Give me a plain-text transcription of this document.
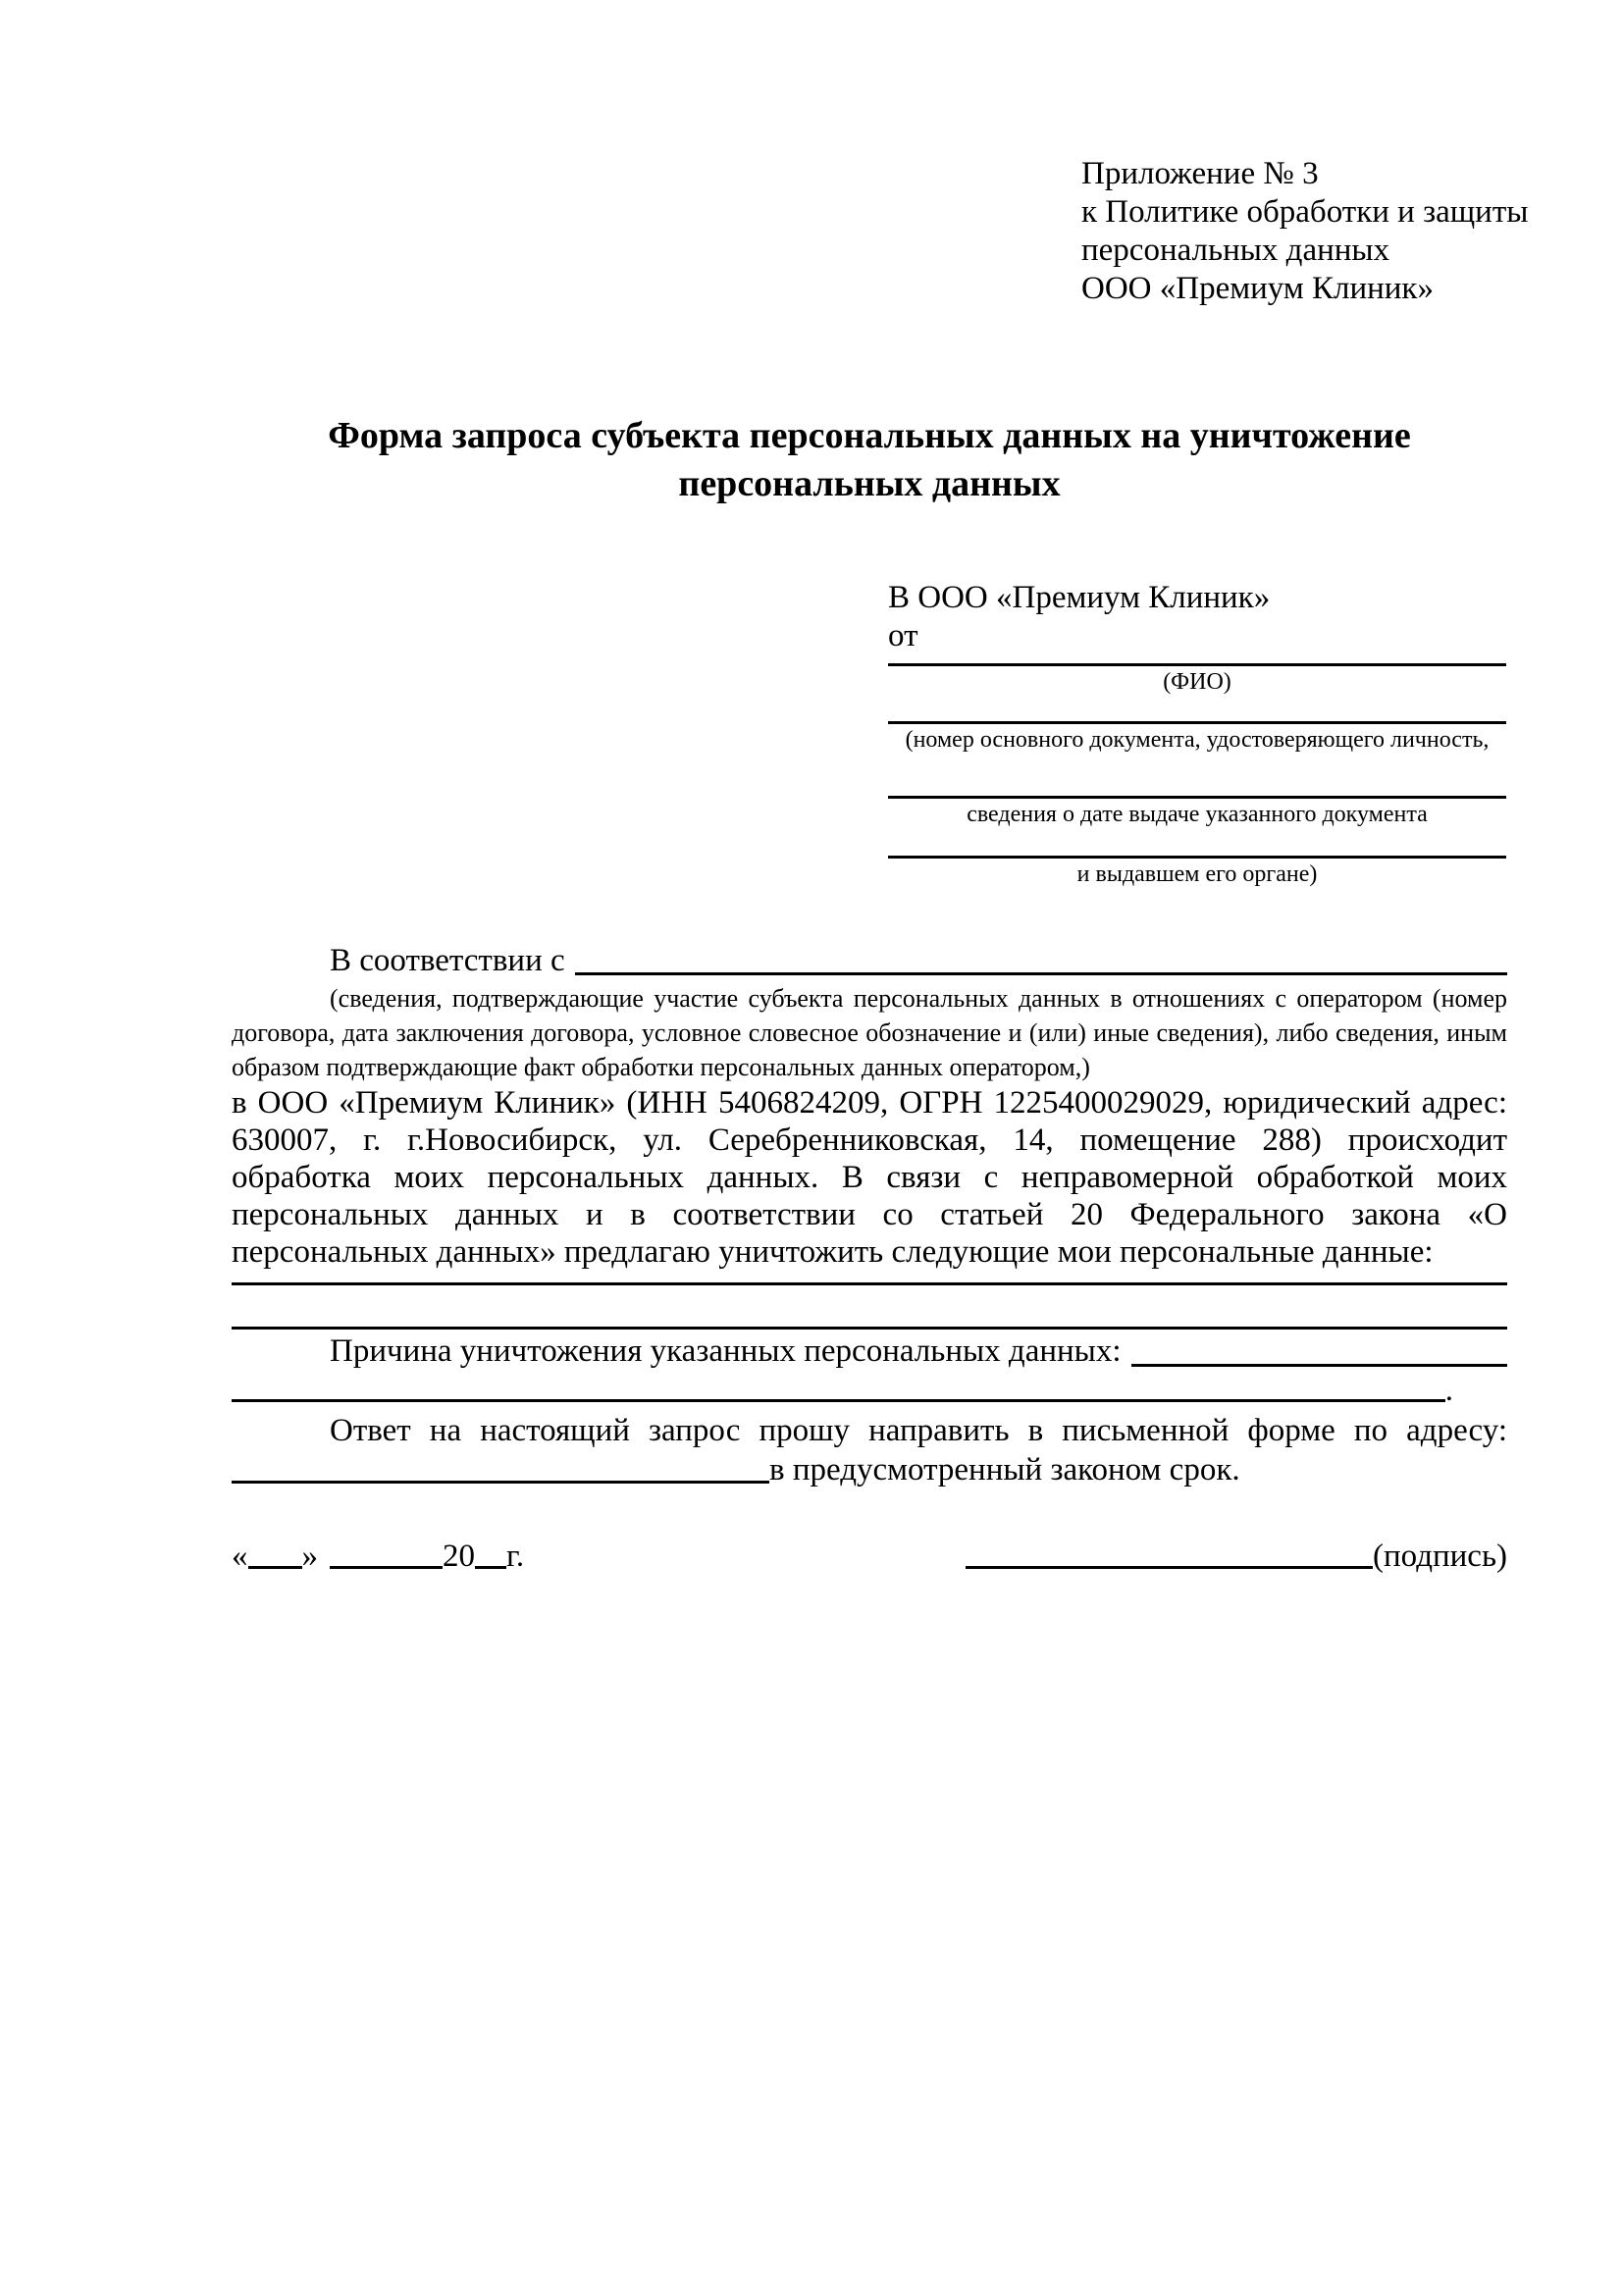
Приложение № 3
к Политике обработки и защиты
персональных данных
ООО «Премиум Клиник»
Форма запроса субъекта персональных данных на уничтожение персональных данных
В ООО «Премиум Клиник»
от
(ФИО)
(номер основного документа, удостоверяющего личность,
сведения о дате выдаче указанного документа
и выдавшем его органе)
В соответствии с
(сведения, подтверждающие участие субъекта персональных данных в отношениях с оператором (номер договора, дата заключения договора, условное словесное обозначение и (или) иные сведения), либо сведения, иным образом подтверждающие факт обработки персональных данных оператором,)
в ООО «Премиум Клиник» (ИНН 5406824209, ОГРН 1225400029029, юридический адрес: 630007, г. г.Новосибирск, ул. Серебренниковская, 14, помещение 288) происходит обработка моих персональных данных. В связи с неправомерной обработкой моих персональных данных и в соответствии со статьей 20 Федерального закона «О персональных данных» предлагаю уничтожить следующие мои персональные данные:
Причина уничтожения указанных персональных данных:
.
Ответ на настоящий запрос прошу направить в письменной форме по адресу:
в предусмотренный законом срок.
« »	20 г.	(подпись)
